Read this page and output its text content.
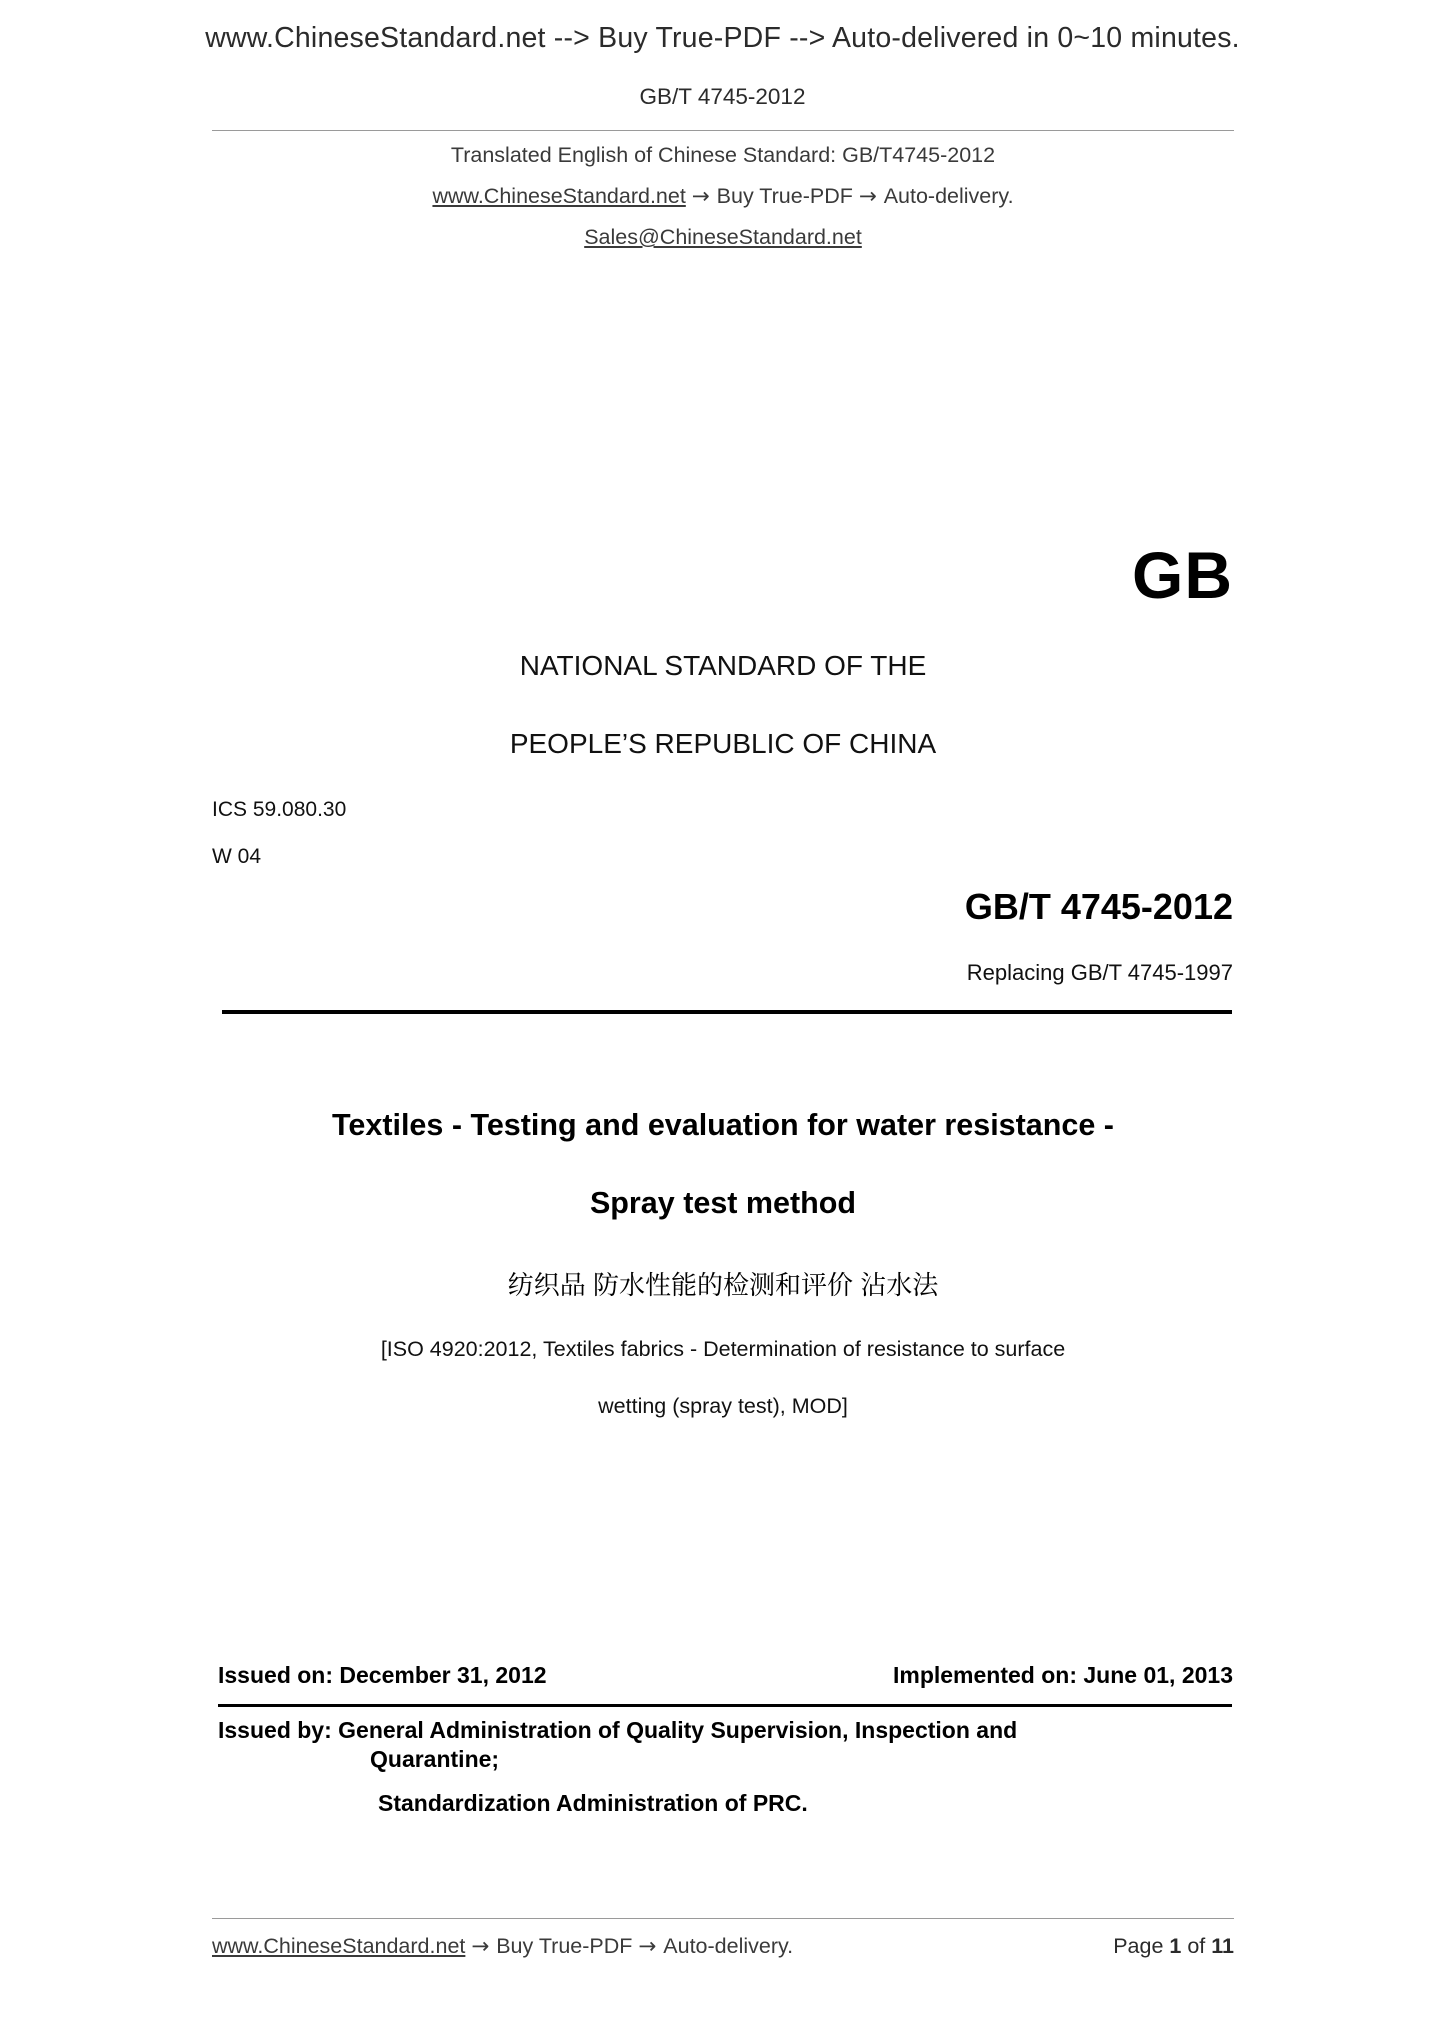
www.ChineseStandard.net --> Buy True-PDF --> Auto-delivered in 0~10 minutes.
GB/T 4745-2012
Translated English of Chinese Standard: GB/T4745-2012
www.ChineseStandard.net → Buy True-PDF → Auto-delivery.
Sales@ChineseStandard.net
GB
NATIONAL STANDARD OF THE
PEOPLE’S REPUBLIC OF CHINA
ICS 59.080.30
W 04
GB/T 4745-2012
Replacing GB/T 4745-1997
Textiles - Testing and evaluation for water resistance -
Spray test method
纺织品 防水性能的检测和评价 沾水法
[ISO 4920:2012, Textiles fabrics - Determination of resistance to surface
wetting (spray test), MOD]
Issued on: December 31, 2012	Implemented on: June 01, 2013
Issued by: General Administration of Quality Supervision, Inspection and
Quarantine;
Standardization Administration of PRC.
www.ChineseStandard.net → Buy True-PDF → Auto-delivery.	Page 1 of 11
